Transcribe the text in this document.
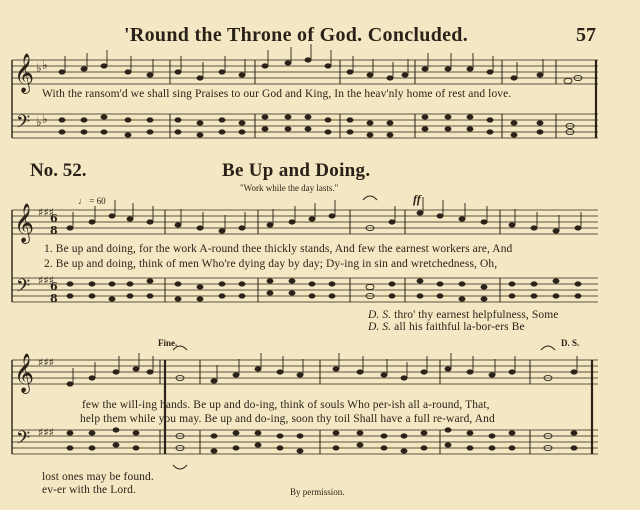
𝄞
𝄢
𝄞
𝄢
𝄞
𝄢
♭ ♭
♭ ♭
♯♯♯
♯♯♯
♯♯♯
♯♯♯
6
8
6
8
'Round the Throne of God. Concluded.	57
With the ransom'd we shall sing Praises to our God and King, In the heav'nly home of rest and love.
No. 52.	Be Up and Doing.
"Work while the day lasts."
♩ = 60	ff
1. Be up and doing, for the work A-round thee thickly stands, And few the earnest workers are, And
2. Be up and doing, think of men Who're dying day by day; Dy-ing in sin and wretchedness, Oh,
D. S. thro' thy earnest helpfulness, Some
D. S. all his faithful la-bor-ers Be
Fine.	D. S.
few the will-ing hands. Be up and do-ing, think of souls Who per-ish all a-round, That,
help them while you may. Be up and do-ing, soon thy toil Shall have a full re-ward, And
lost ones may be found.
ev-er with the Lord.	By permission.
